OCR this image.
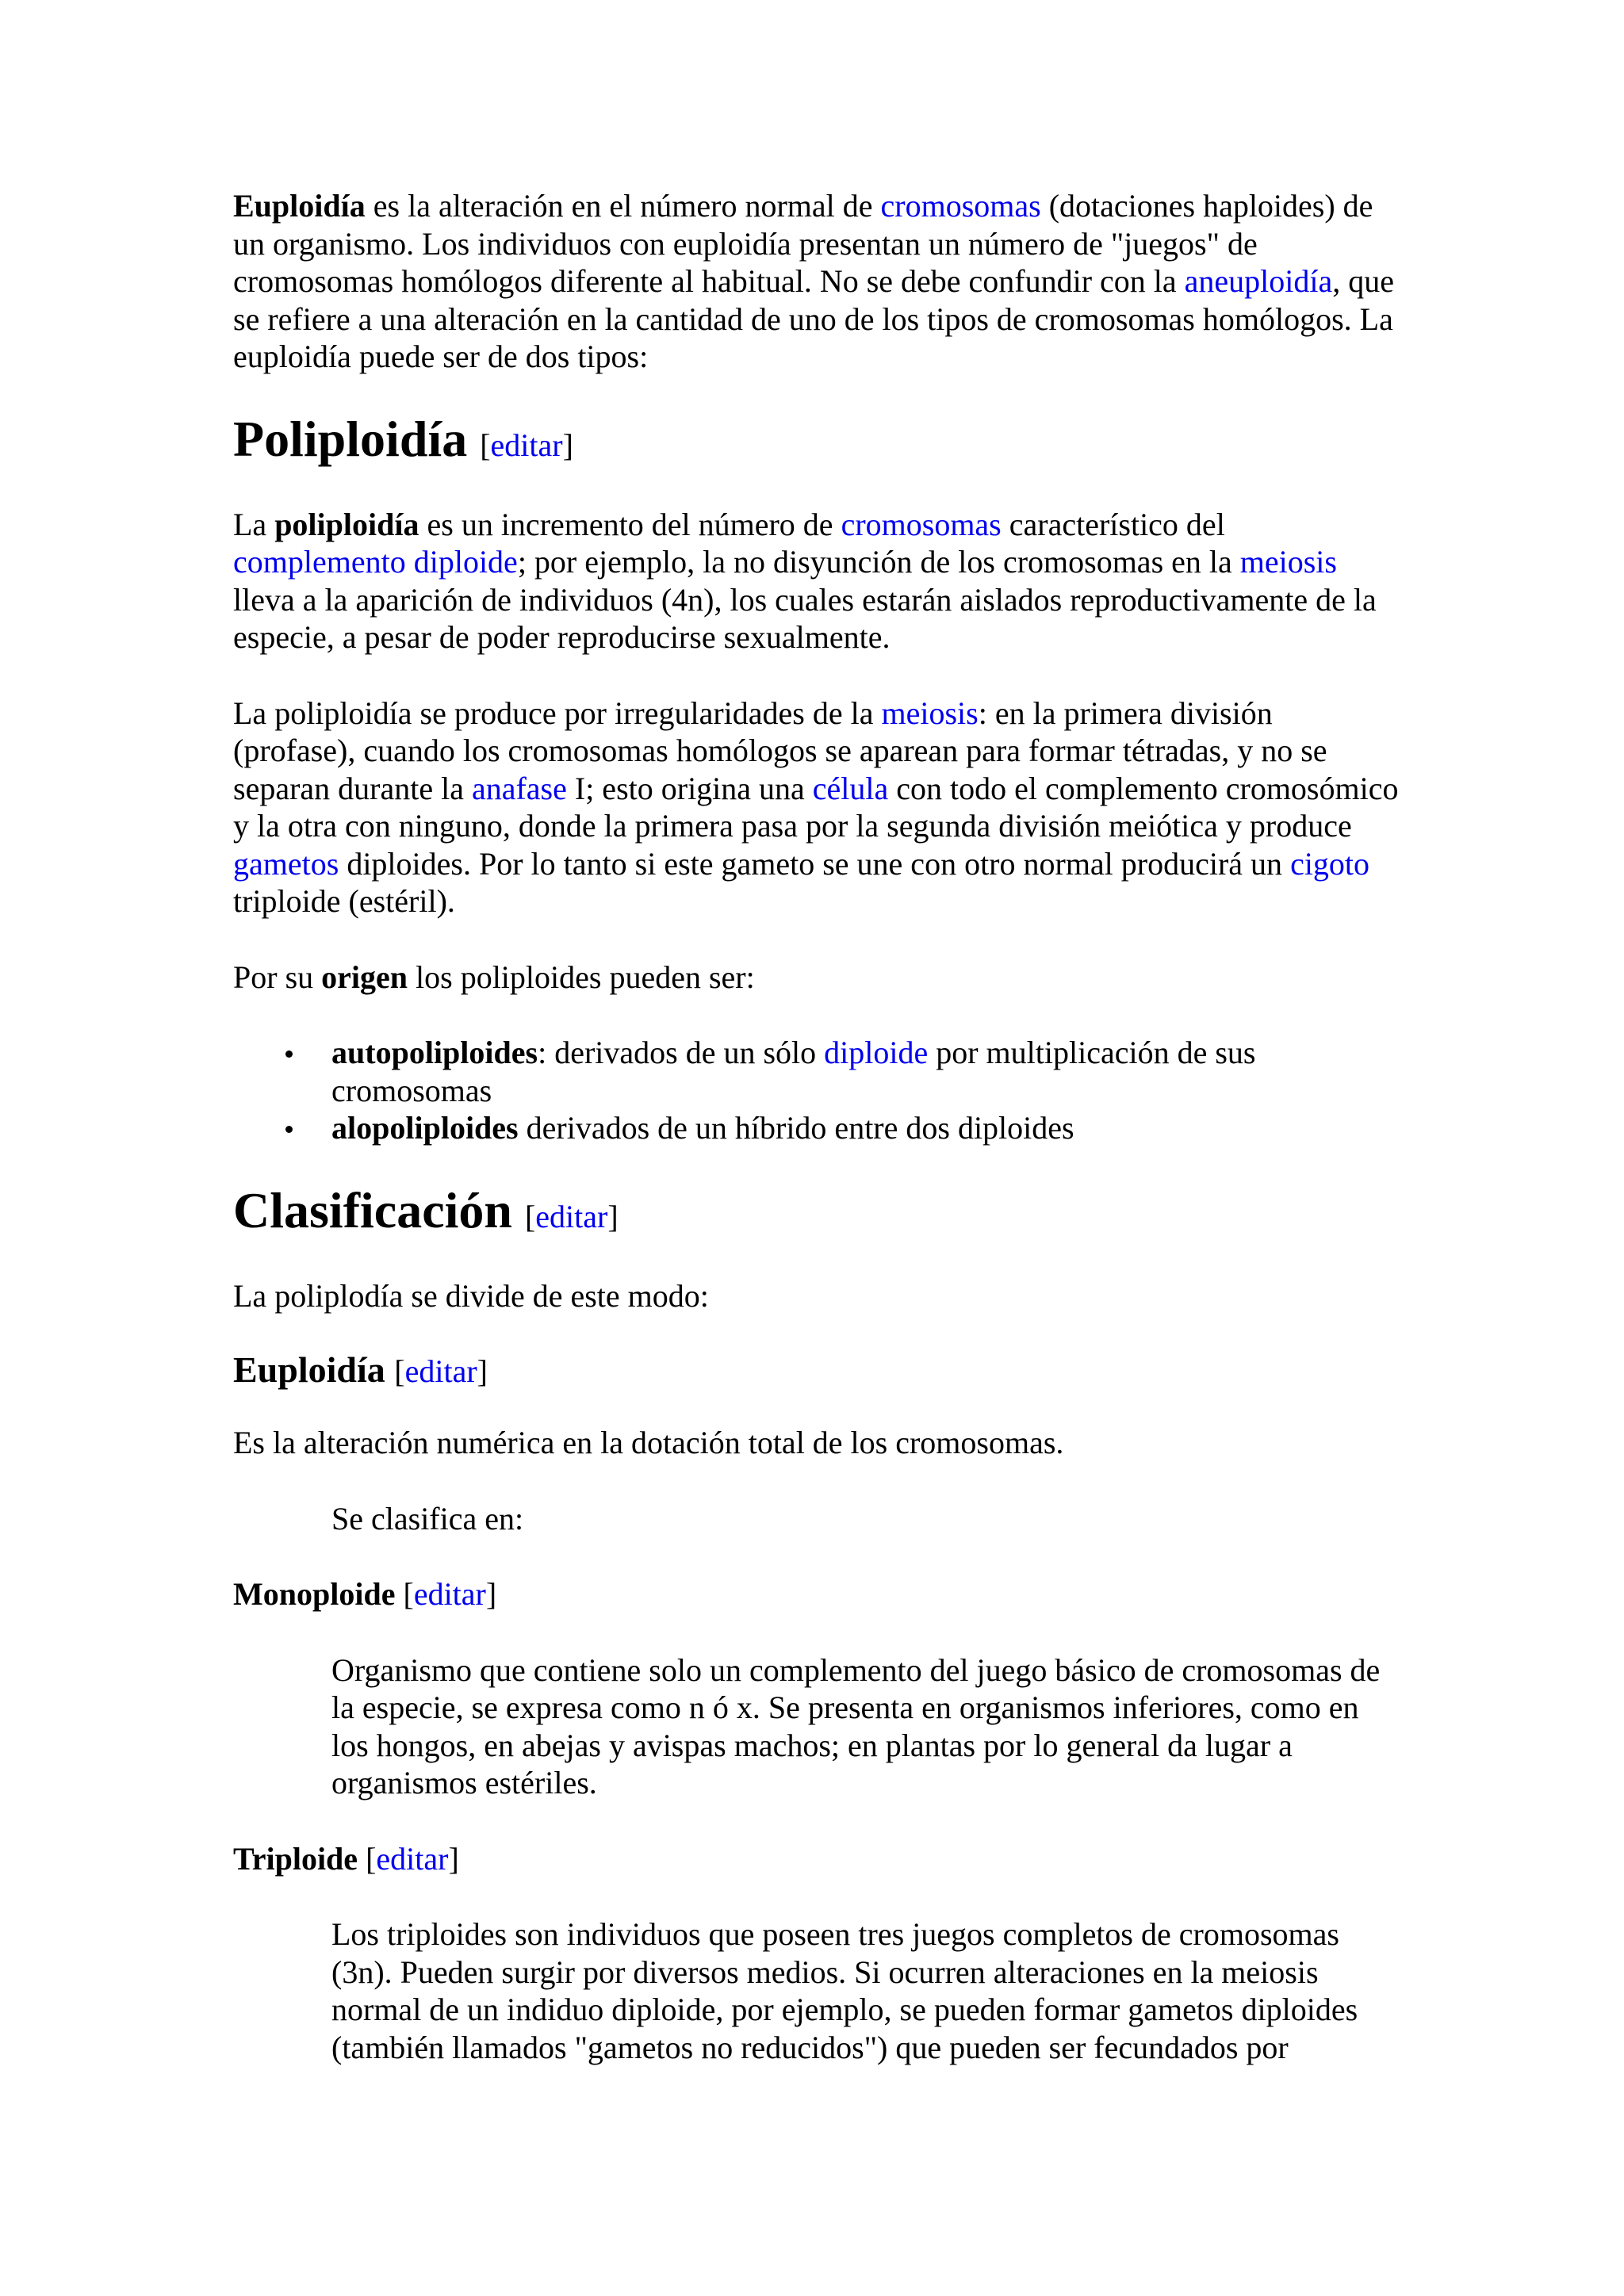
Euploidía es la alteración en el número normal de cromosomas (dotaciones haploides) de un organismo. Los individuos con euploidía presentan un número de "juegos" de cromosomas homólogos diferente al habitual. No se debe confundir con la aneuploidía, que se refiere a una alteración en la cantidad de uno de los tipos de cromosomas homólogos. La euploidía puede ser de dos tipos:

Poliploidía [editar]

La poliploidía es un incremento del número de cromosomas característico del complemento diploide; por ejemplo, la no disyunción de los cromosomas en la meiosis lleva a la aparición de individuos (4n), los cuales estarán aislados reproductivamente de la especie, a pesar de poder reproducirse sexualmente.

La poliploidía se produce por irregularidades de la meiosis: en la primera división (profase), cuando los cromosomas homólogos se aparean para formar tétradas, y no se separan durante la anafase I; esto origina una célula con todo el complemento cromosómico y la otra con ninguno, donde la primera pasa por la segunda división meiótica y produce gametos diploides. Por lo tanto si este gameto se une con otro normal producirá un cigoto triploide (estéril).

Por su origen los poliploides pueden ser:

autopoliploides: derivados de un sólo diploide por multiplicación de sus cromosomas
alopoliploides derivados de un híbrido entre dos diploides
Clasificación [editar]

La poliplodía se divide de este modo:

Euploidía [editar]

Es la alteración numérica en la dotación total de los cromosomas.

Se clasifica en:

Monoploide [editar]

Organismo que contiene solo un complemento del juego básico de cromosomas de la especie, se expresa como n ó x. Se presenta en organismos inferiores, como en los hongos, en abejas y avispas machos; en plantas por lo general da lugar a organismos estériles.

Triploide [editar]

Los triploides son individuos que poseen tres juegos completos de cromosomas (3n). Pueden surgir por diversos medios. Si ocurren alteraciones en la meiosis normal de un indiduo diploide, por ejemplo, se pueden formar gametos diploides (también llamados "gametos no reducidos") que pueden ser fecundados por
